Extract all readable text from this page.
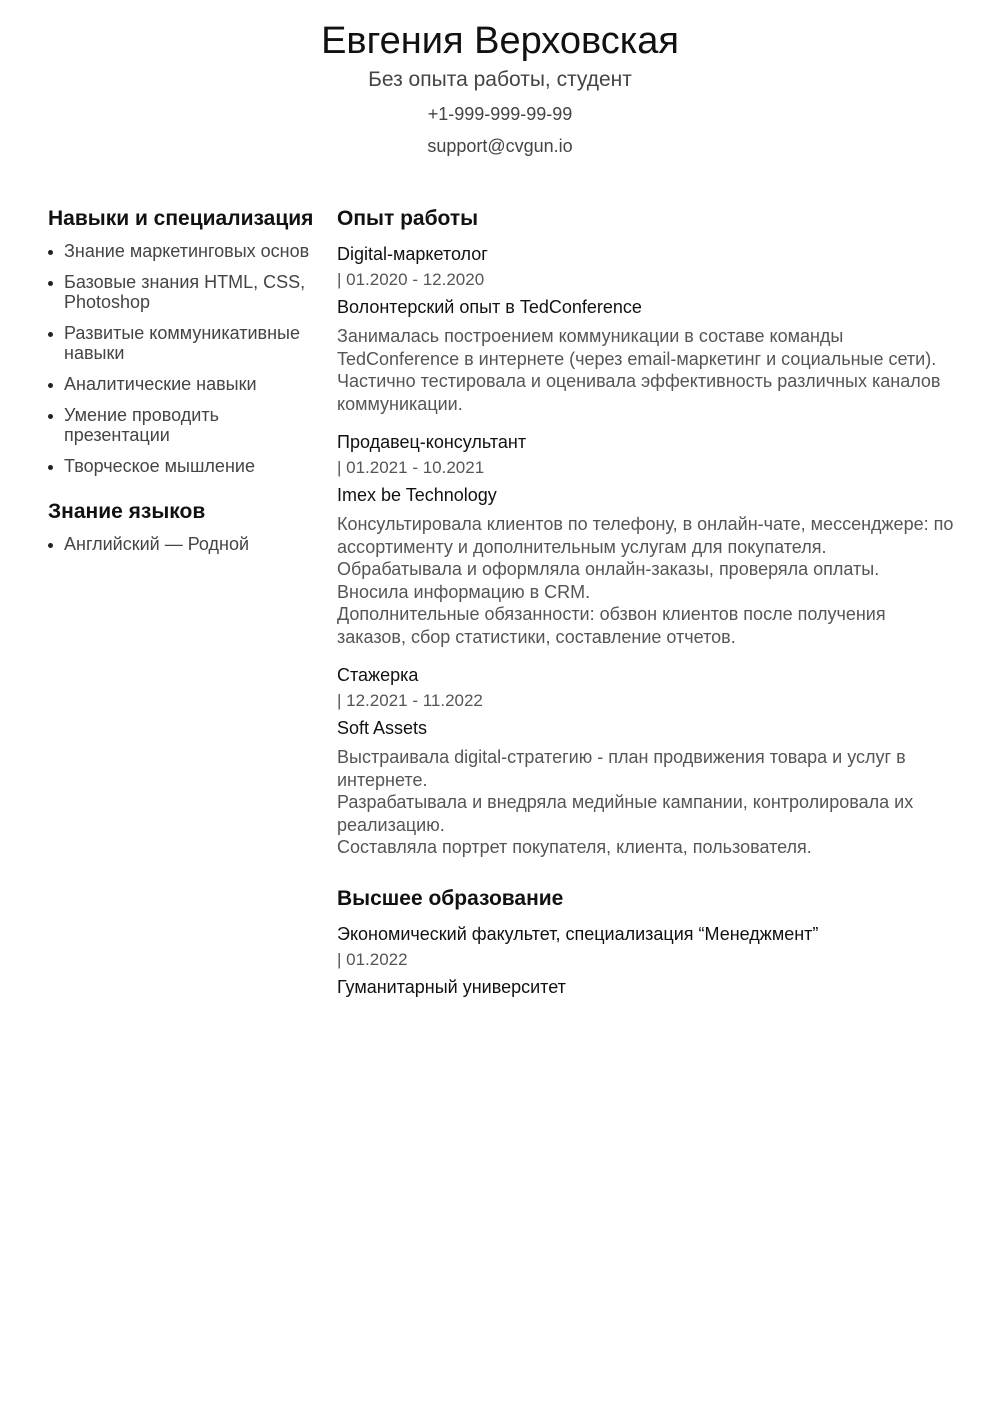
Евгения Верховская
Без опыта работы, студент
+1-999-999-99-99
support@cvgun.io
Навыки и специализация
Знание маркетинговых основ
Базовые знания HTML, CSS, Photoshop
Развитые коммуникативные навыки
Аналитические навыки
Умение проводить презентации
Творческое мышление
Знание языков
Английский — Родной
Опыт работы
Digital-маркетолог
| 01.2020 - 12.2020
Волонтерский опыт в TedConference
Занималась построением коммуникации в составе команды TedConference в интернете (через email-маркетинг и социальные сети).
Частично тестировала и оценивала эффективность различных каналов коммуникации.
Продавец-консультант
| 01.2021 - 10.2021
Imex be Technology
Консультировала клиентов по телефону, в онлайн-чате, мессенджере: по ассортименту и дополнительным услугам для покупателя.
Обрабатывала и оформляла онлайн-заказы, проверяла оплаты.
Вносила информацию в CRM.
Дополнительные обязанности: обзвон клиентов после получения заказов, сбор статистики, составление отчетов.
Стажерка
| 12.2021 - 11.2022
Soft Assets
Выстраивала digital-стратегию - план продвижения товара и услуг в интернете.
Разрабатывала и внедряла медийные кампании, контролировала их реализацию.
Составляла портрет покупателя, клиента, пользователя.
Высшее образование
Экономический факультет, специализация “Менеджмент”
| 01.2022
Гуманитарный университет
